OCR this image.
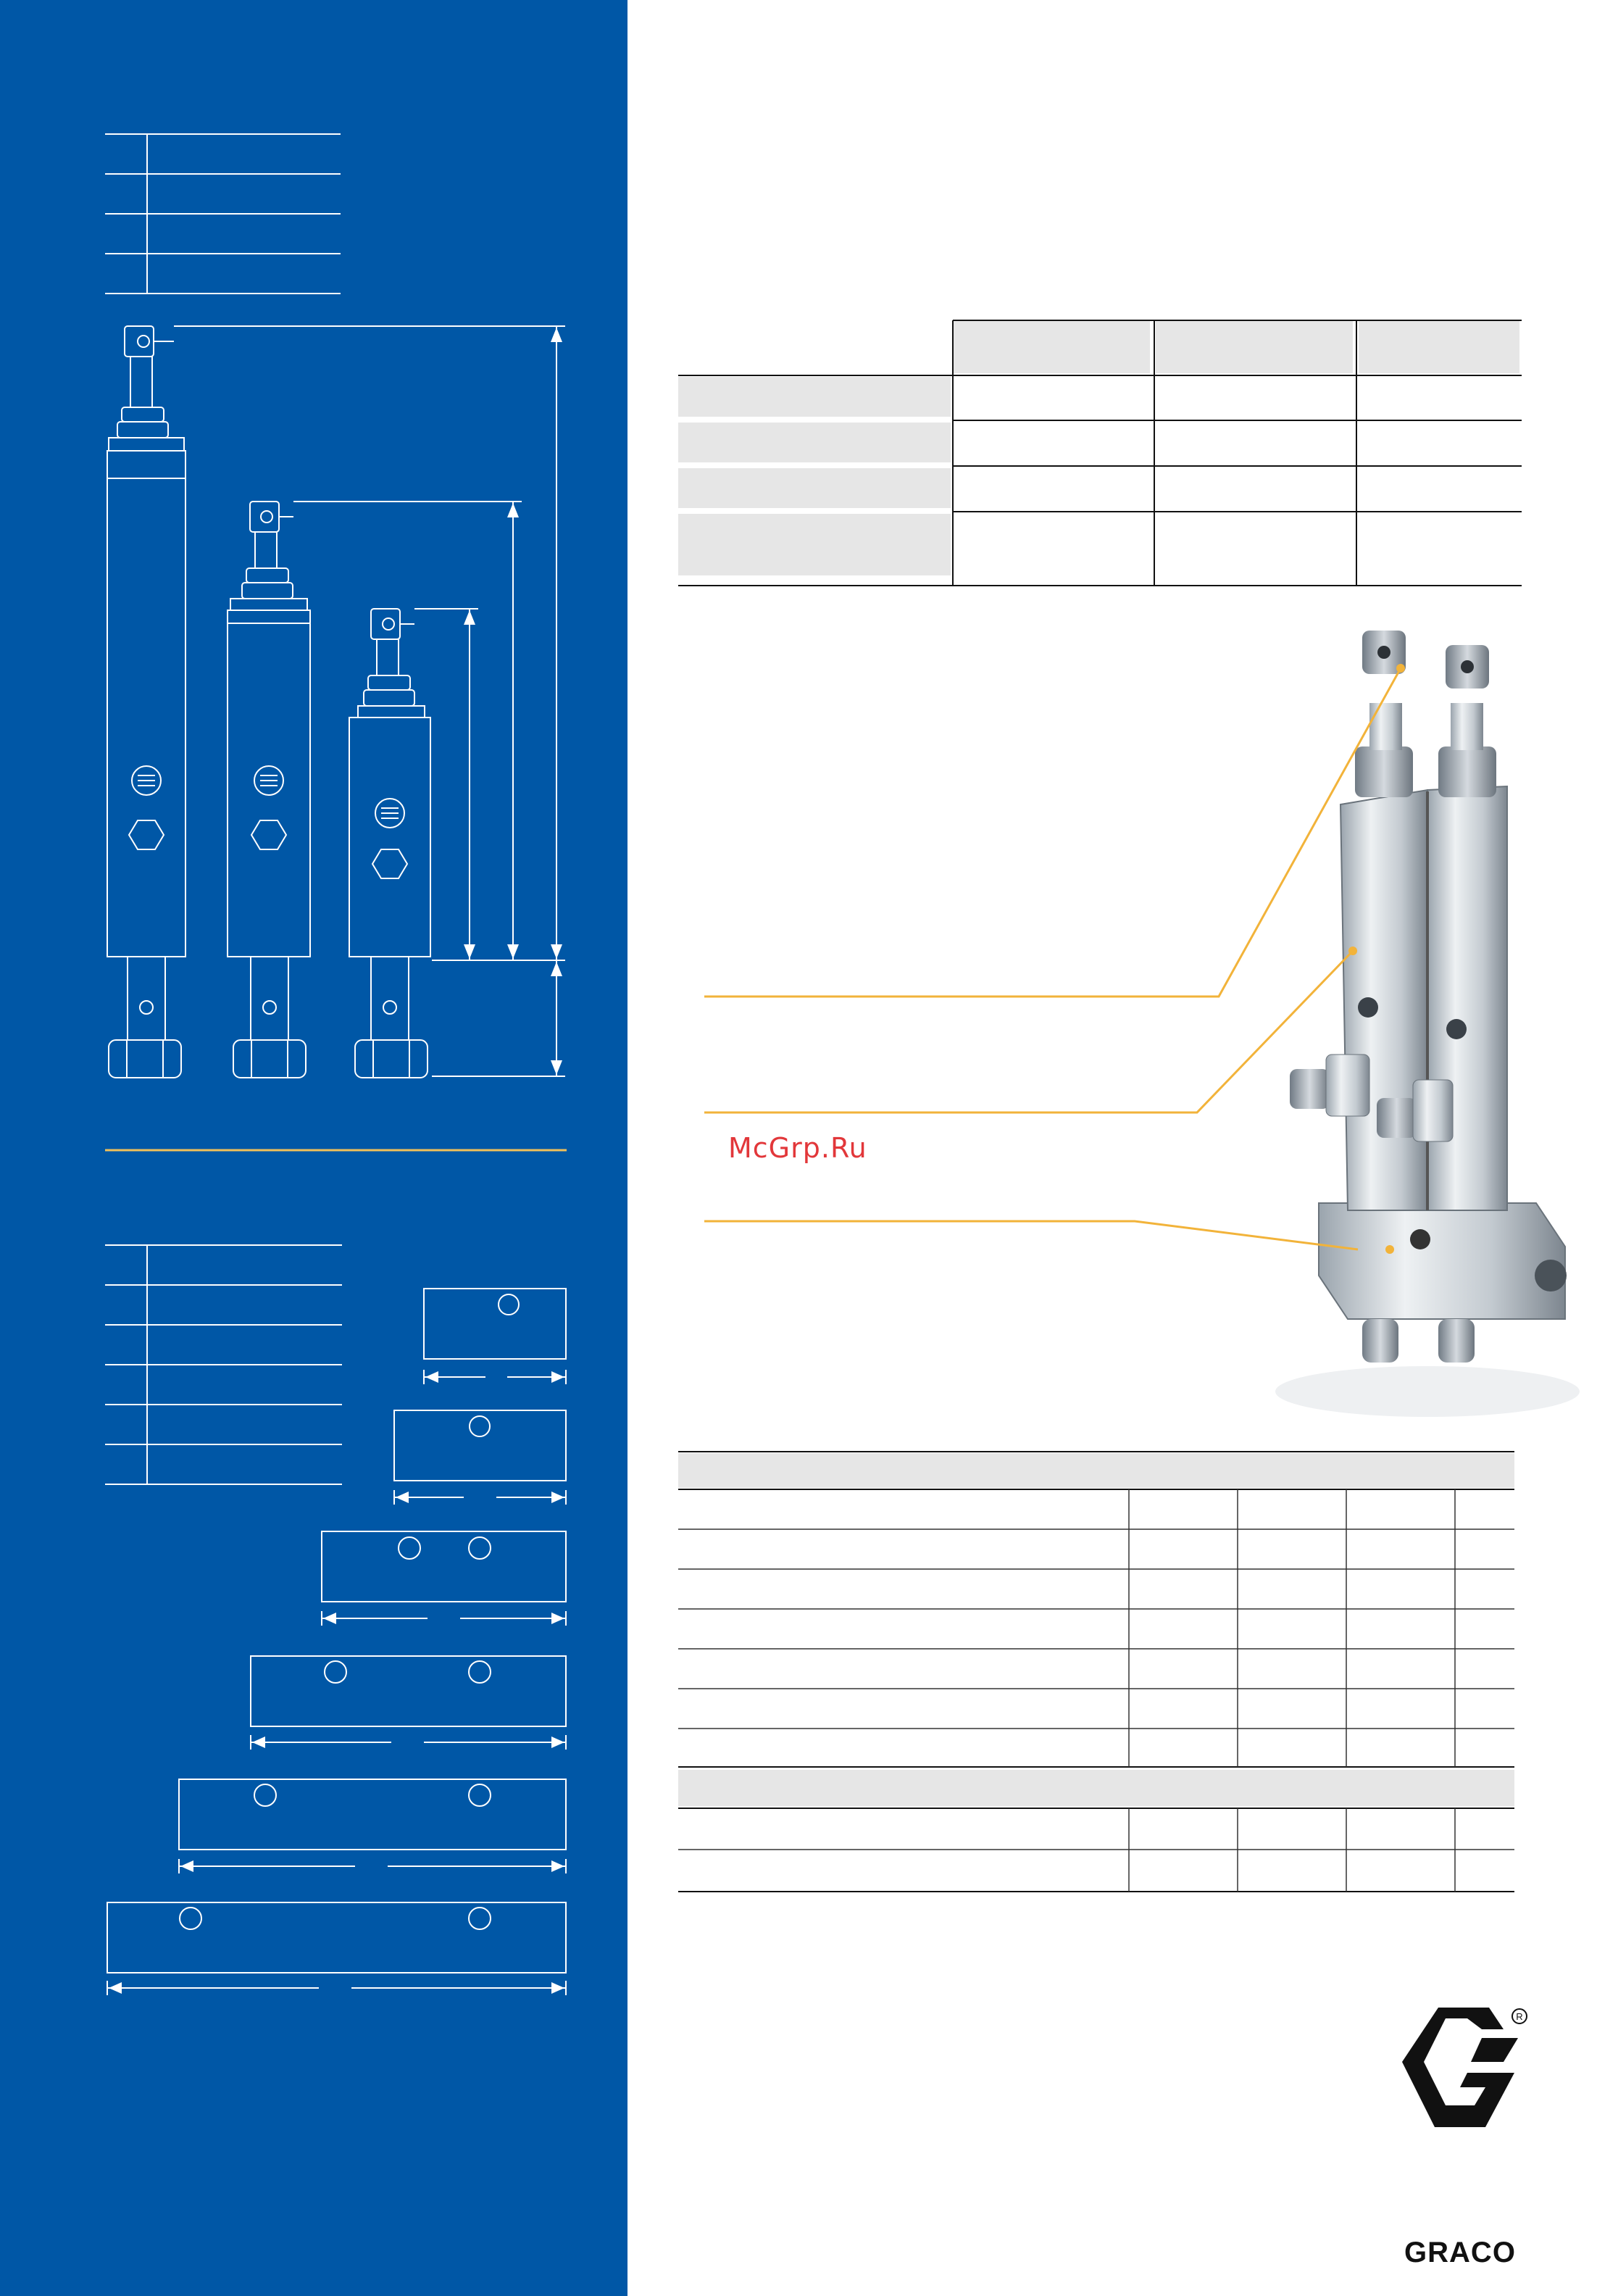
McGrp.Ru
R
GRACO
